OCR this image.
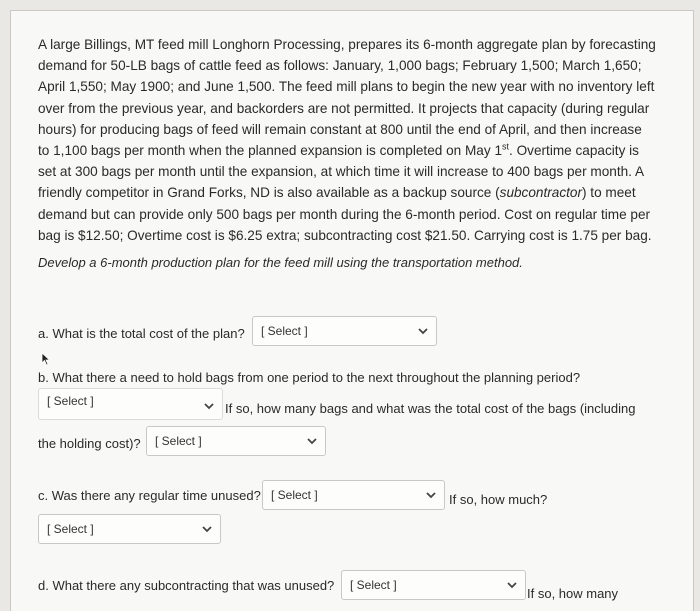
A large Billings, MT feed mill Longhorn Processing, prepares its 6-month aggregate plan by forecasting

demand for 50-LB bags of cattle feed as follows: January, 1,000 bags; February 1,500; March 1,650;

April 1,550; May 1900; and June 1,500. The feed mill plans to begin the new year with no inventory left

over from the previous year, and backorders are not permitted. It projects that capacity (during regular

hours) for producing bags of feed will remain constant at 800 until the end of April, and then increase

to 1,100 bags per month when the planned expansion is completed on May 1st. Overtime capacity is

set at 300 bags per month until the expansion, at which time it will increase to 400 bags per month. A

friendly competitor in Grand Forks, ND is also available as a backup source (subcontractor) to meet

demand but can provide only 500 bags per month during the 6-month period. Cost on regular time per

bag is $12.50; Overtime cost is $6.25 extra; subcontracting cost $21.50. Carrying cost is 1.75 per bag.

Develop a 6-month production plan for the feed mill using the transportation method.
a. What is the total cost of the plan? [ Select ]
b. What there a need to hold bags from one period to the next throughout the planning period?
[ Select ]	If so, how many bags and what was the total cost of the bags (including
the holding cost)? [ Select ]
c. Was there any regular time unused? [ Select ]	If so, how much?
[ Select ]
d. What there any subcontracting that was unused? [ Select ]
If so, how many
